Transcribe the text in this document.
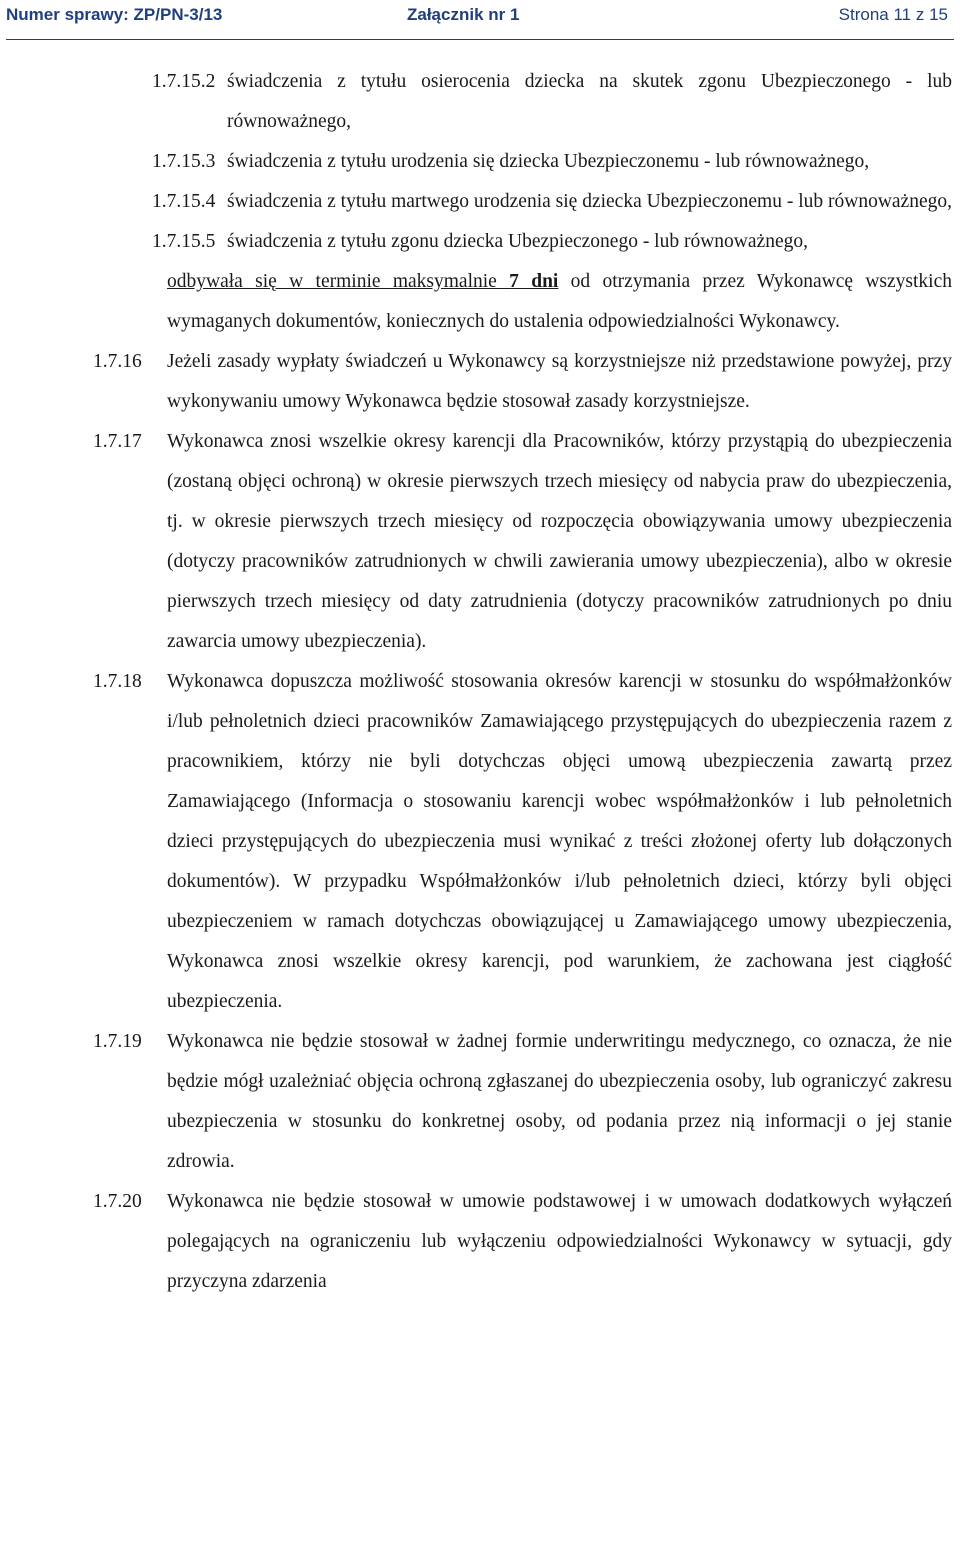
Numer sprawy: ZP/PN-3/13	Załącznik nr 1	Strona 11 z 15
1.7.15.2 świadczenia z tytułu osierocenia dziecka na skutek zgonu Ubezpieczonego - lub równoważnego,
1.7.15.3 świadczenia z tytułu urodzenia się dziecka Ubezpieczonemu - lub równoważnego,
1.7.15.4 świadczenia z tytułu martwego urodzenia się dziecka Ubezpieczonemu - lub równoważnego,
1.7.15.5 świadczenia z tytułu zgonu dziecka Ubezpieczonego - lub równoważnego,
odbywała się w terminie maksymalnie 7 dni od otrzymania przez Wykonawcę wszystkich wymaganych dokumentów, koniecznych do ustalenia odpowiedzialności Wykonawcy.
1.7.16 Jeżeli zasady wypłaty świadczeń u Wykonawcy są korzystniejsze niż przedstawione powyżej, przy wykonywaniu umowy Wykonawca będzie stosował zasady korzystniejsze.
1.7.17 Wykonawca znosi wszelkie okresy karencji dla Pracowników, którzy przystąpią do ubezpieczenia (zostaną objęci ochroną) w okresie pierwszych trzech miesięcy od nabycia praw do ubezpieczenia, tj. w okresie pierwszych trzech miesięcy od rozpoczęcia obowiązywania umowy ubezpieczenia (dotyczy pracowników zatrudnionych w chwili zawierania umowy ubezpieczenia), albo w okresie pierwszych trzech miesięcy od daty zatrudnienia (dotyczy pracowników zatrudnionych po dniu zawarcia umowy ubezpieczenia).
1.7.18 Wykonawca dopuszcza możliwość stosowania okresów karencji w stosunku do współmałżonków i/lub pełnoletnich dzieci pracowników Zamawiającego przystępujących do ubezpieczenia razem z pracownikiem, którzy nie byli dotychczas objęci umową ubezpieczenia zawartą przez Zamawiającego (Informacja o stosowaniu karencji wobec współmałżonków i lub pełnoletnich dzieci przystępujących do ubezpieczenia musi wynikać z treści złożonej oferty lub dołączonych dokumentów). W przypadku Współmałżonków i/lub pełnoletnich dzieci, którzy byli objęci ubezpieczeniem w ramach dotychczas obowiązującej u Zamawiającego umowy ubezpieczenia, Wykonawca znosi wszelkie okresy karencji, pod warunkiem, że zachowana jest ciągłość ubezpieczenia.
1.7.19 Wykonawca nie będzie stosował w żadnej formie underwritingu medycznego, co oznacza, że nie będzie mógł uzależniać objęcia ochroną zgłaszanej do ubezpieczenia osoby, lub ograniczyć zakresu ubezpieczenia w stosunku do konkretnej osoby, od podania przez nią informacji o jej stanie zdrowia.
1.7.20 Wykonawca nie będzie stosował w umowie podstawowej i w umowach dodatkowych wyłączeń polegających na ograniczeniu lub wyłączeniu odpowiedzialności Wykonawcy w sytuacji, gdy przyczyna zdarzenia
